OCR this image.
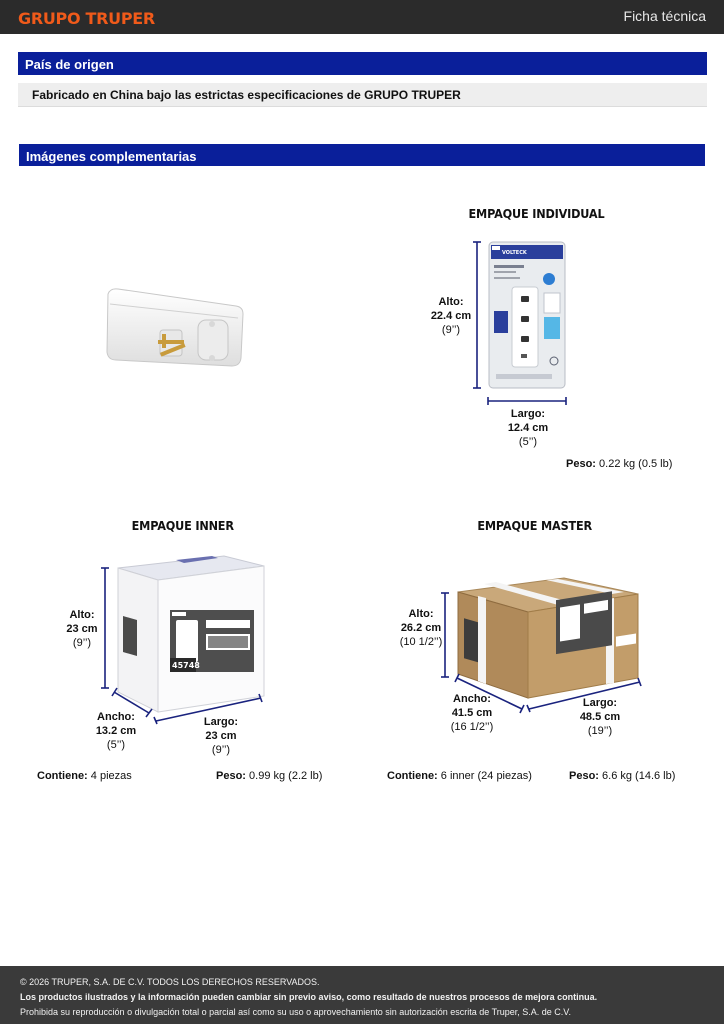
GRUPO TRUPER	Ficha técnica
País de origen
Fabricado en China bajo las estrictas especificaciones de GRUPO TRUPER
Imágenes complementarias
EMPAQUE INDIVIDUAL
VOLTECK
Alto:
22.4 cm
(9’’)
Largo:
12.4 cm
(5’’)
Peso: 0.22 kg (0.5 lb)
EMPAQUE INNER
45748
Alto:
23 cm
(9’’)
Ancho:
13.2 cm
(5’’)
Largo:
23 cm
(9’’)
Contiene: 4 piezas	Peso: 0.99 kg (2.2 lb)
EMPAQUE MASTER
Alto:
26.2 cm
(10 1/2’’)
Ancho:
41.5 cm
(16 1/2’’)
Largo:
48.5 cm
(19’’)
Contiene: 6 inner (24 piezas)	Peso: 6.6 kg (14.6 lb)
© 2026 TRUPER, S.A. DE C.V. TODOS LOS DERECHOS RESERVADOS.
Los productos ilustrados y la información pueden cambiar sin previo aviso, como resultado de nuestros procesos de mejora continua.
Prohibida su reproducción o divulgación total o parcial así como su uso o aprovechamiento sin autorización escrita de Truper, S.A. de C.V.
